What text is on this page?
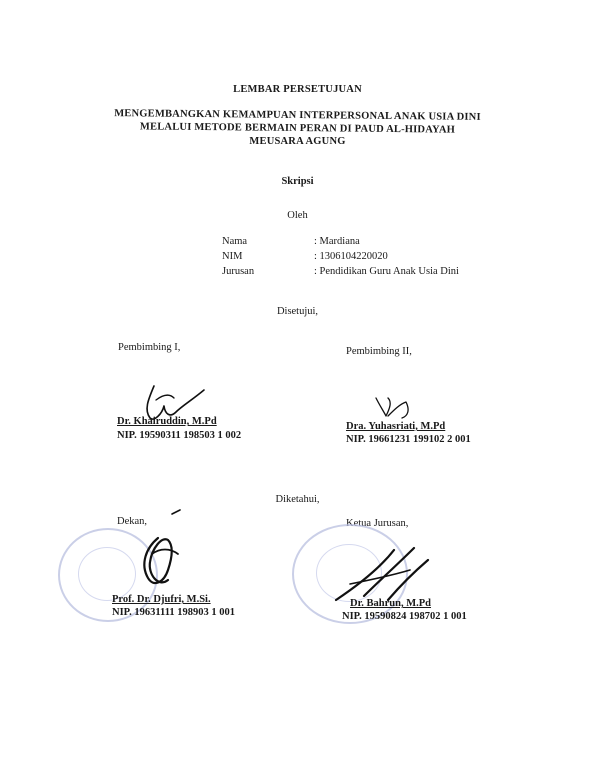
LEMBAR PERSETUJUAN
MENGEMBANGKAN KEMAMPUAN INTERPERSONAL ANAK USIA DINI
MELALUI METODE BERMAIN PERAN DI PAUD AL-HIDAYAH
MEUSARA AGUNG
Skripsi
Oleh
Nama	: Mardiana
NIM	: 1306104220020
Jurusan	: Pendidikan Guru Anak Usia Dini
Disetujui,
Pembimbing I,	Pembimbing II,
Dr. Khairuddin, M.Pd
NIP. 19590311 198503 1 002
Dra. Yuhasriati, M.Pd
NIP. 19661231 199102 2 001
Diketahui,
Dekan,	Ketua Jurusan,
Prof. Dr. Djufri, M.Si.
NIP. 19631111 198903 1 001
Dr. Bahrun, M.Pd
NIP. 19590824 198702 1 001
